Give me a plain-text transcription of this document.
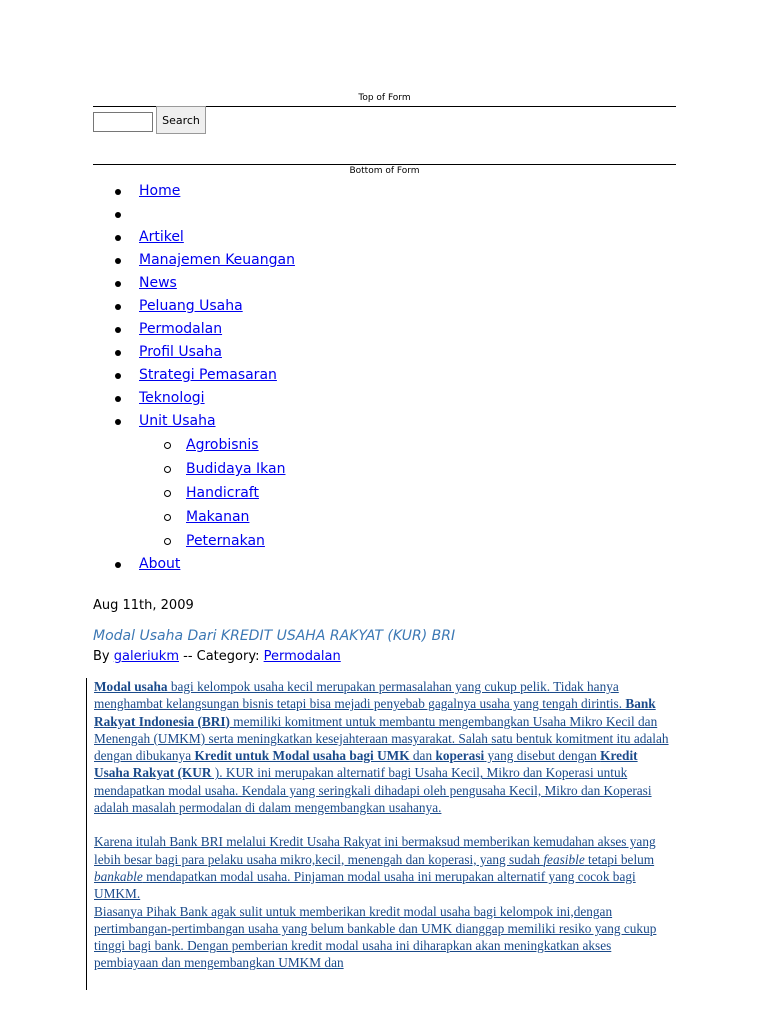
Top of Form
Search
Bottom of Form
Home
Artikel
Manajemen Keuangan
News
Peluang Usaha
Permodalan
Profil Usaha
Strategi Pemasaran
Teknologi
Unit Usaha
Agrobisnis
Budidaya Ikan
Handicraft
Makanan
Peternakan
About
Aug 11th, 2009
Modal Usaha Dari KREDIT USAHA RAKYAT (KUR) BRI
By galeriukm -- Category: Permodalan

Modal usaha bagi kelompok usaha kecil merupakan permasalahan yang cukup pelik. Tidak hanya menghambat kelangsungan bisnis tetapi bisa mejadi penyebab gagalnya usaha yang tengah dirintis. Bank Rakyat Indonesia (BRI) memiliki komitment untuk membantu mengembangkan Usaha Mikro Kecil dan Menengah (UMKM) serta meningkatkan kesejahteraan masyarakat. Salah satu bentuk komitment itu adalah dengan dibukanya Kredit untuk Modal usaha bagi UMK dan koperasi yang disebut dengan Kredit Usaha Rakyat (KUR ). KUR ini merupakan alternatif bagi Usaha Kecil, Mikro dan Koperasi untuk mendapatkan modal usaha. Kendala yang seringkali dihadapi oleh pengusaha Kecil, Mikro dan Koperasi adalah masalah permodalan di dalam mengembangkan usahanya.

Karena itulah Bank BRI melalui Kredit Usaha Rakyat ini bermaksud memberikan kemudahan akses yang lebih besar bagi para pelaku usaha mikro,kecil, menengah dan koperasi, yang sudah feasible tetapi belum bankable mendapatkan modal usaha. Pinjaman modal usaha ini merupakan alternatif yang cocok bagi UMKM.
Biasanya Pihak Bank agak sulit untuk memberikan kredit modal usaha bagi kelompok ini,dengan pertimbangan-pertimbangan usaha yang belum bankable dan UMK dianggap memiliki resiko yang cukup tinggi bagi bank. Dengan pemberian kredit modal usaha ini diharapkan akan meningkatkan akses pembiayaan dan mengembangkan UMKM dan
